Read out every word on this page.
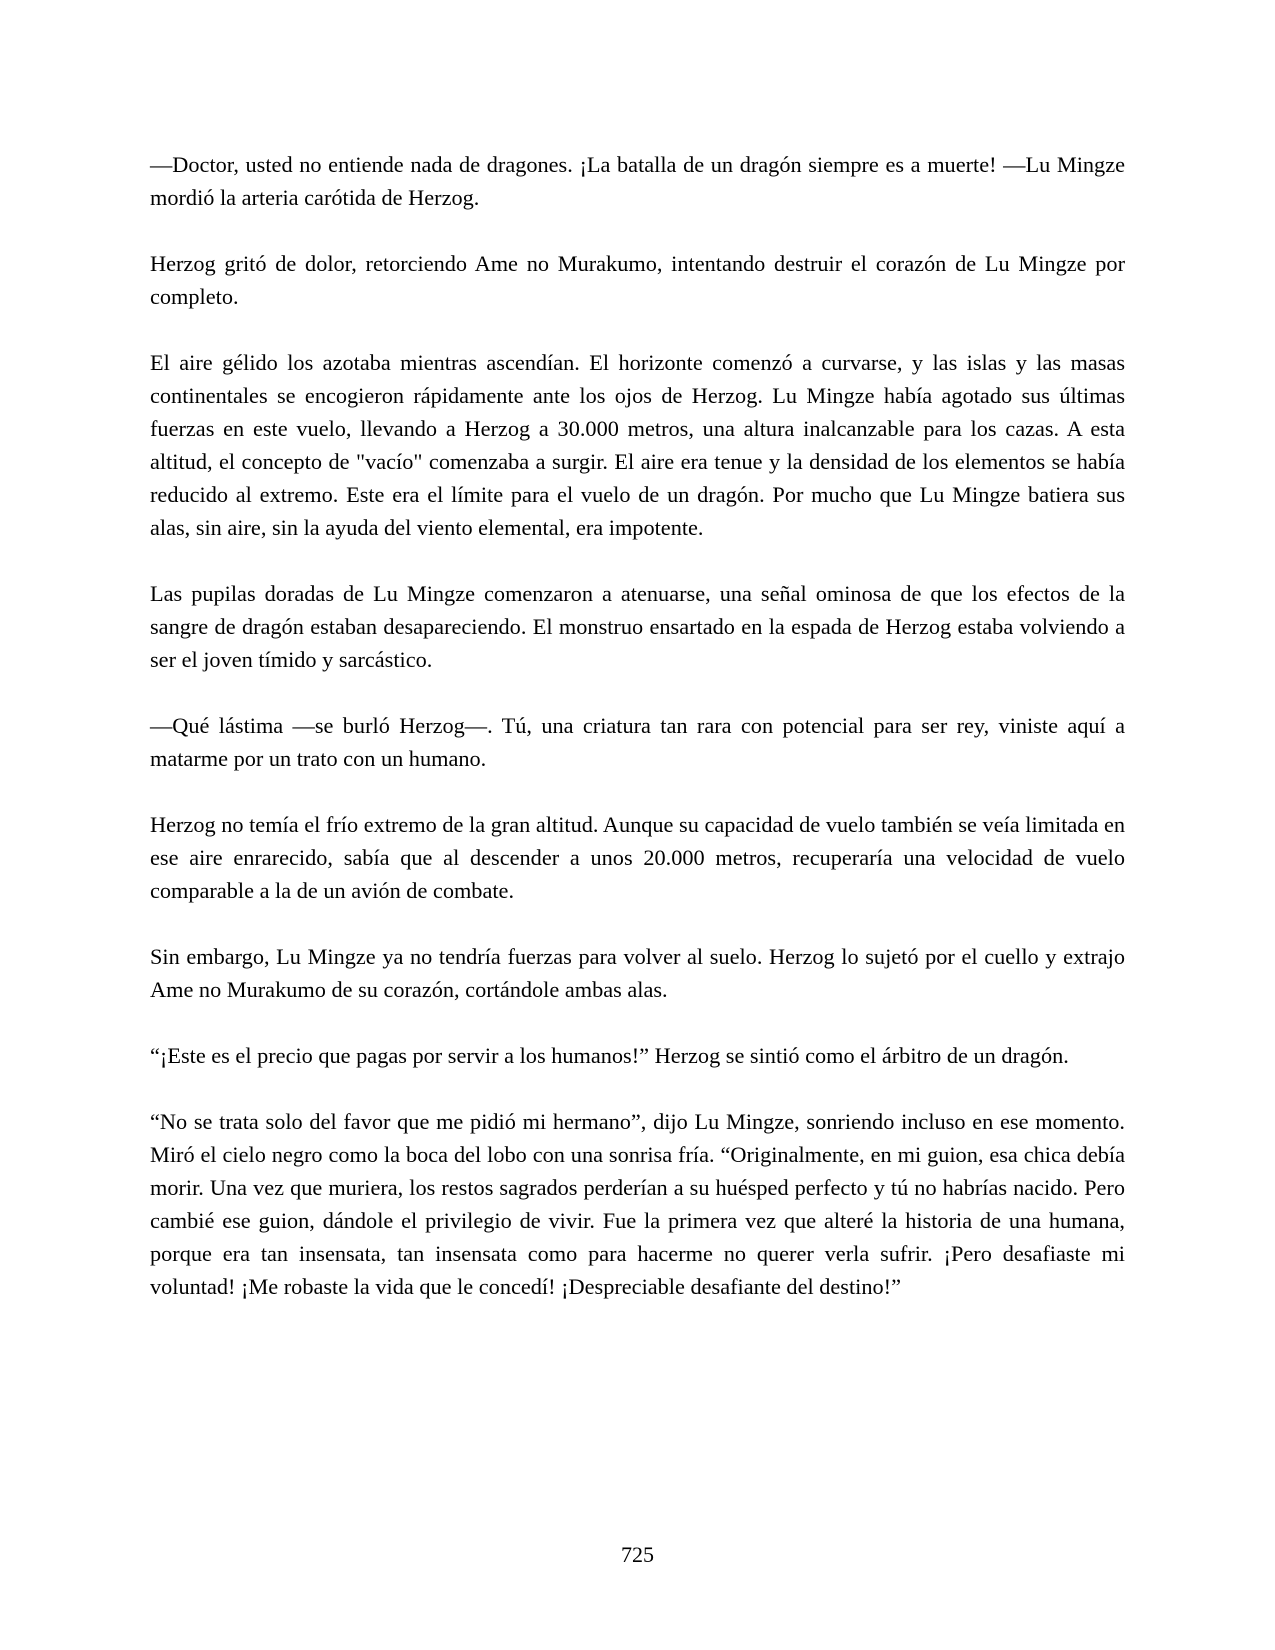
—Doctor, usted no entiende nada de dragones. ¡La batalla de un dragón siempre es a muerte! —Lu Mingze mordió la arteria carótida de Herzog.

Herzog gritó de dolor, retorciendo Ame no Murakumo, intentando destruir el corazón de Lu Mingze por completo.

El aire gélido los azotaba mientras ascendían. El horizonte comenzó a curvarse, y las islas y las masas continentales se encogieron rápidamente ante los ojos de Herzog. Lu Mingze había agotado sus últimas fuerzas en este vuelo, llevando a Herzog a 30.000 metros, una altura inalcanzable para los cazas. A esta altitud, el concepto de "vacío" comenzaba a surgir. El aire era tenue y la densidad de los elementos se había reducido al extremo. Este era el límite para el vuelo de un dragón. Por mucho que Lu Mingze batiera sus alas, sin aire, sin la ayuda del viento elemental, era impotente.

Las pupilas doradas de Lu Mingze comenzaron a atenuarse, una señal ominosa de que los efectos de la sangre de dragón estaban desapareciendo. El monstruo ensartado en la espada de Herzog estaba volviendo a ser el joven tímido y sarcástico.

—Qué lástima —se burló Herzog—. Tú, una criatura tan rara con potencial para ser rey, viniste aquí a matarme por un trato con un humano.

Herzog no temía el frío extremo de la gran altitud. Aunque su capacidad de vuelo también se veía limitada en ese aire enrarecido, sabía que al descender a unos 20.000 metros, recuperaría una velocidad de vuelo comparable a la de un avión de combate.

Sin embargo, Lu Mingze ya no tendría fuerzas para volver al suelo. Herzog lo sujetó por el cuello y extrajo Ame no Murakumo de su corazón, cortándole ambas alas.

“¡Este es el precio que pagas por servir a los humanos!” Herzog se sintió como el árbitro de un dragón.

“No se trata solo del favor que me pidió mi hermano”, dijo Lu Mingze, sonriendo incluso en ese momento. Miró el cielo negro como la boca del lobo con una sonrisa fría. “Originalmente, en mi guion, esa chica debía morir. Una vez que muriera, los restos sagrados perderían a su huésped perfecto y tú no habrías nacido. Pero cambié ese guion, dándole el privilegio de vivir. Fue la primera vez que alteré la historia de una humana, porque era tan insensata, tan insensata como para hacerme no querer verla sufrir. ¡Pero desafiaste mi voluntad! ¡Me robaste la vida que le concedí! ¡Despreciable desafiante del destino!”

725
